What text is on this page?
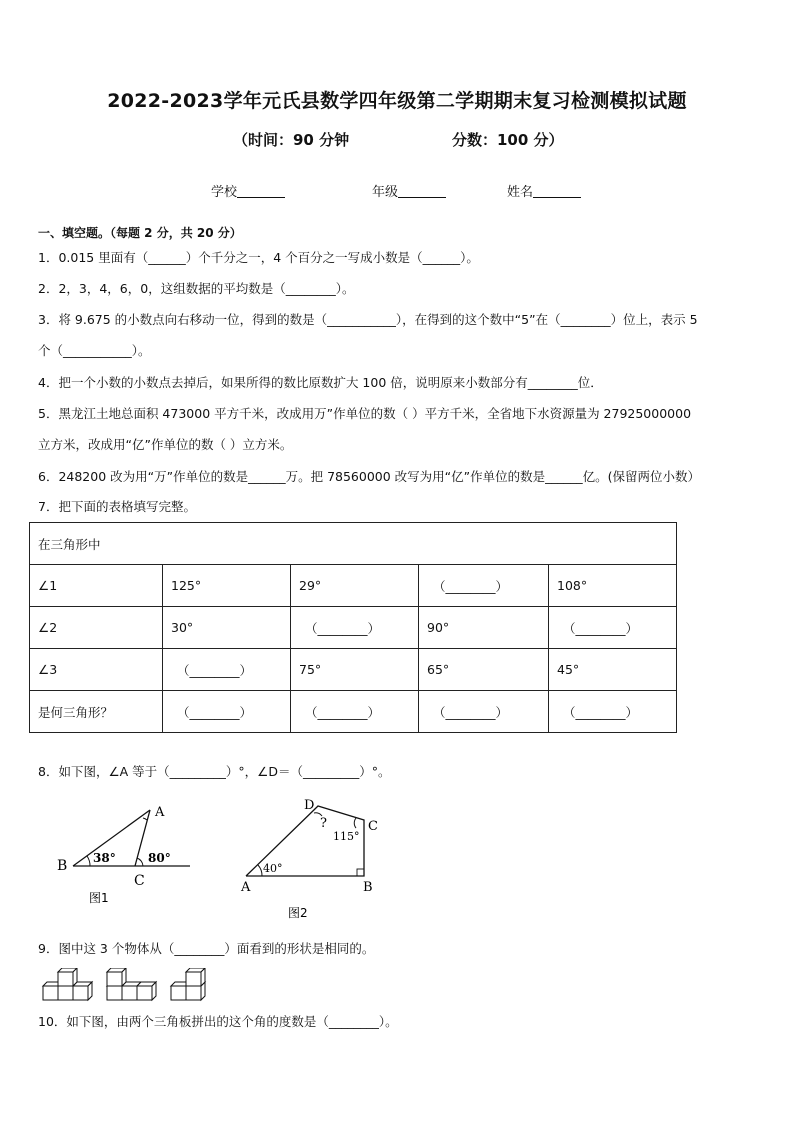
2022-2023学年元氏县数学四年级第二学期期末复习检测模拟试题
（时间：90 分钟	分数：100 分）
学校	年级	姓名
一、填空题。（每题 2 分，共 20 分）
1．0.015 里面有（______）个千分之一，4 个百分之一写成小数是（______）。
2．2，3，4，6，0，这组数据的平均数是（________）。
3．将 9.675 的小数点向右移动一位，得到的数是（___________），在得到的这个数中“5”在（________）位上，表示 5
个（___________）。
4．把一个小数的小数点去掉后，如果所得的数比原数扩大 100 倍，说明原来小数部分有________位．
5．黑龙江土地总面积 473000 平方千米，改成用万”作单位的数（ ）平方千米，全省地下水资源量为 27925000000
立方米，改成用“亿”作单位的数（ ）立方米。
6．248200 改为用“万”作单位的数是______万。把 78560000 改写为用“亿”作单位的数是______亿。(保留两位小数）
7．把下面的表格填写完整。
在三角形中				
∠1	125°	29°	（________）	108°
∠2	30°	（________）	90°	（________）
∠3	（________）	75°	65°	45°
是何三角形？	（________）	（________）	（________）	（________）
8．如下图，∠A 等于（_________）°，∠D＝（_________）°。
B
A
C
38°	80°
图1
D
C
A	B
?
115°
40°
图2
9．图中这 3 个物体从（________）面看到的形状是相同的。
10．如下图，由两个三角板拼出的这个角的度数是（________）。
